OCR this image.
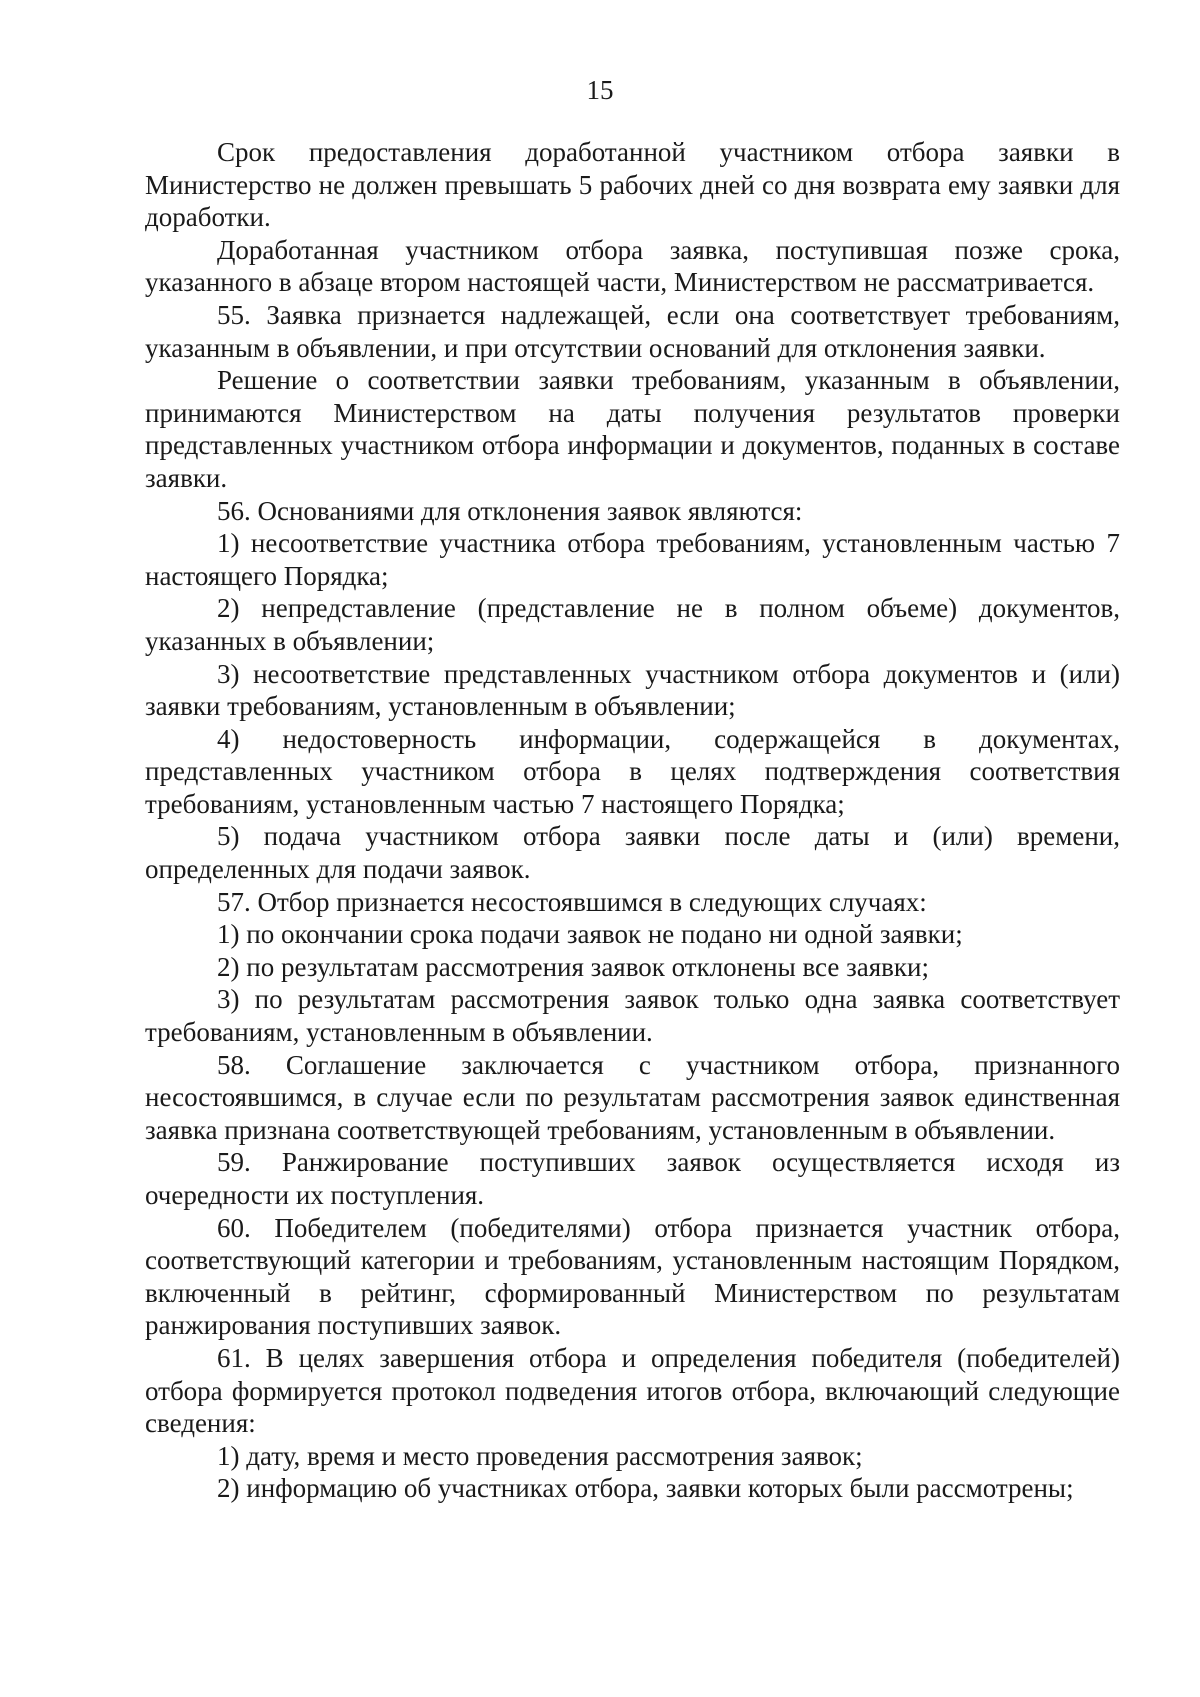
15

Срок предоставления доработанной участником отбора заявки в Министерство не должен превышать 5 рабочих дней со дня возврата ему заявки для доработки.

Доработанная участником отбора заявка, поступившая позже срока, указанного в абзаце втором настоящей части, Министерством не рассматривается.

55. Заявка признается надлежащей, если она соответствует требованиям, указанным в объявлении, и при отсутствии оснований для отклонения заявки.

Решение о соответствии заявки требованиям, указанным в объявлении, принимаются Министерством на даты получения результатов проверки представленных участником отбора информации и документов, поданных в составе заявки.

56. Основаниями для отклонения заявок являются:

1) несоответствие участника отбора требованиям, установленным частью 7 настоящего Порядка;

2) непредставление (представление не в полном объеме) документов, указанных в объявлении;

3) несоответствие представленных участником отбора документов и (или) заявки требованиям, установленным в объявлении;

4) недостоверность информации, содержащейся в документах, представленных участником отбора в целях подтверждения соответствия требованиям, установленным частью 7 настоящего Порядка;

5) подача участником отбора заявки после даты и (или) времени, определенных для подачи заявок.

57. Отбор признается несостоявшимся в следующих случаях:

1) по окончании срока подачи заявок не подано ни одной заявки;

2) по результатам рассмотрения заявок отклонены все заявки;

3) по результатам рассмотрения заявок только одна заявка соответствует требованиям, установленным в объявлении.

58. Соглашение заключается с участником отбора, признанного несостоявшимся, в случае если по результатам рассмотрения заявок единственная заявка признана соответствующей требованиям, установленным в объявлении.

59. Ранжирование поступивших заявок осуществляется исходя из очередности их поступления.

60. Победителем (победителями) отбора признается участник отбора, соответствующий категории и требованиям, установленным настоящим Порядком, включенный в рейтинг, сформированный Министерством по результатам ранжирования поступивших заявок.

61. В целях завершения отбора и определения победителя (победителей) отбора формируется протокол подведения итогов отбора, включающий следующие сведения:

1) дату, время и место проведения рассмотрения заявок;

2) информацию об участниках отбора, заявки которых были рассмотрены;
